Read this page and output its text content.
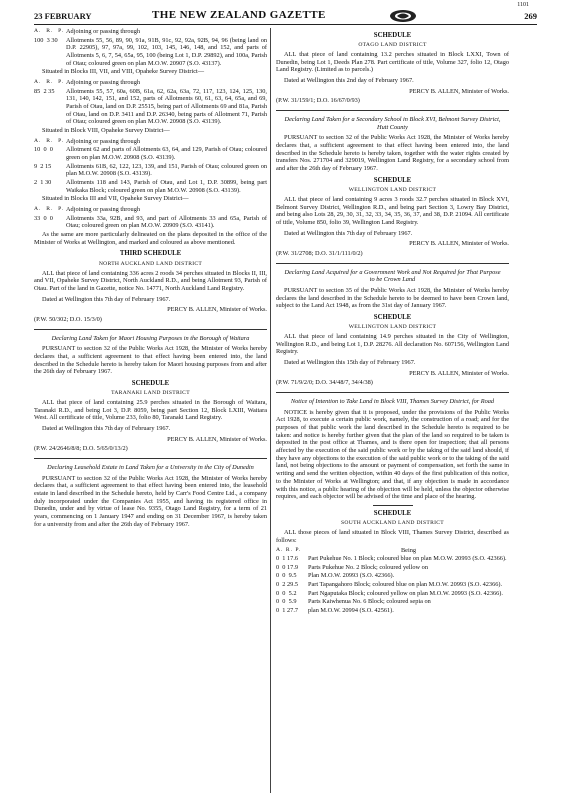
23 FEBRUARY	THE NEW ZEALAND GAZETTE
1101
269
A.  R.  P. Adjoining or passing through
100  3 30	Allotments 55, 56, 89, 90, 91a, 91B, 91c, 92, 92a, 92B, 94, 96 (being land on D.P. 22905), 97, 97a, 99, 102, 103, 145, 146, 148, and 152, and parts of Allotments 5, 6, 7, 54, 65a, 95, 100 (being Lot 1, D.P. 29892), and 100a, Parish of Otau; coloured green on plan M.O.W. 20907 (S.O. 43137).

Situated in Blocks III, VII, and VIII, Opaheke Survey District—

A.  R.  P. Adjoining or passing through
85  2 35	Allotments 55, 57, 60a, 60B, 61a, 62, 62a, 63a, 72, 117, 123, 124, 125, 130, 131, 140, 142, 151, and 152, parts of Allotments 60, 61, 63, 64, 65a, and 69, Parish of Otau, land on D.P. 25515, being part of Allotments 69 and 81a, Parish of Otau, land on D.P. 3411 and D.P. 26340, being parts of Allotment 71, Parish of Otau; coloured green on plan M.O.W. 20908 (S.O. 43139).

Situated in Block VIII, Opaheke Survey District—

A.  R.  P. Adjoining or passing through
10  0  0	Allotment 62 and parts of Allotments 63, 64, and 129, Parish of Otau; coloured green on plan M.O.W. 20908 (S.O. 43139).
9  2 15	Allotments 61B, 62, 122, 123, 139, and 151, Parish of Otau; coloured green on plan M.O.W. 20908 (S.O. 43139).
2  1 30	Allotments 118 and 143, Parish of Otau, and Lot 1, D.P. 30899, being part Waikaka Block; coloured green on plan M.O.W. 20908 (S.O. 43139).

Situated in Blocks III and VII, Opaheke Survey District—

A.  R.  P. Adjoining or passing through
33  0  0	Allotments 33a, 92B, and 93, and part of Allotments 33 and 65a, Parish of Otau; coloured green on plan M.O.W. 20909 (S.O. 43141).

As the same are more particularly delineated on the plans deposited in the office of the Minister of Works at Wellington, and marked and coloured as above mentioned.

THIRD SCHEDULE
NORTH AUCKLAND LAND DISTRICT

ALL that piece of land containing 336 acres 2 roods 34 perches situated in Blocks II, III, and VII, Opaheke Survey District, North Auckland R.D., and being Allotment 93, Parish of Otau. Part of the land in Gazette, notice No. 14771, North Auckland Land Registry.

Dated at Wellington this 7th day of February 1967.

PERCY B. ALLEN, Minister of Works.
(P.W. 50/302; D.O. 15/3/0)
Declaring Land Taken for Maori Housing Purposes in the Borough of Waitara

PURSUANT to section 32 of the Public Works Act 1928, the Minister of Works hereby declares that, a sufficient agreement to that effect having been entered into, the land described in the Schedule hereto is hereby taken for Maori housing purposes from and after the 26th day of February 1967.

SCHEDULE
TARANAKI LAND DISTRICT

ALL that piece of land containing 25.9 perches situated in the Borough of Waitara, Taranaki R.D., and being Lot 3, D.P. 8059, being part Section 12, Block LXIII, Waitara West. All certificate of title, Volume 233, folio 80, Taranaki Land Registry.

Dated at Wellington this 7th day of February 1967.

PERCY B. ALLEN, Minister of Works.
(P.W. 24/2646/8/8; D.O. 5/65/0/13/2)
Declaring Leasehold Estate in Land Taken for a University in the City of Dunedin

PURSUANT to section 32 of the Public Works Act 1928, the Minister of Works hereby declares that, a sufficient agreement to that effect having been entered into, the leasehold estate in land described in the Schedule hereto, held by Carr's Food Centre Ltd., a company duly incorporated under the Companies Act 1955, and having its registered office in Dunedin, under and by virtue of lease No. 9355, Otago Land Registry, for a term of 21 years, commencing on 1 January 1947 and ending on 31 December 1967, is hereby taken for a university from and after the 26th day of February 1967.

SCHEDULE
OTAGO LAND DISTRICT

ALL that piece of land containing 13.2 perches situated in Block LXXI, Town of Dunedin, being Lot 1, Deeds Plan 278. Part certificate of title, Volume 327, folio 12, Otago Land Registry. (Limited as to parcels.)

Dated at Wellington this 2nd day of February 1967.

PERCY B. ALLEN, Minister of Works.
(P.W. 31/159/1; D.O. 16/67/0/93)
Declaring Land Taken for a Secondary School in Block XVI, Belmont Survey District, Hutt County

PURSUANT to section 32 of the Public Works Act 1928, the Minister of Works hereby declares that, a sufficient agreement to that effect having been entered into, the land described in the Schedule hereto is hereby taken, together with the water rights created by transfers Nos. 271704 and 329019, Wellington Land Registry, for a secondary school from and after the 26th day of February 1967.

SCHEDULE
WELLINGTON LAND DISTRICT

ALL that piece of land containing 9 acres 3 roods 32.7 perches situated in Block XVI, Belmont Survey District, Wellington R.D., and being part Section 3, Lowry Bay District, and being also Lots 28, 29, 30, 31, 32, 33, 34, 35, 36, 37, and 38, D.P. 21094. All certificate of title, Volume 850, folio 39, Wellington Land Registry.

Dated at Wellington this 7th day of February 1967.

PERCY B. ALLEN, Minister of Works.
(P.W. 31/2708; D.O. 31/1/111/0/2)
Declaring Land Acquired for a Government Work and Not Required for That Purpose to be Crown Land

PURSUANT to section 35 of the Public Works Act 1928, the Minister of Works hereby declares the land described in the Schedule hereto to be deemed to have been Crown land, subject to the Land Act 1948, as from the 31st day of January 1967.

SCHEDULE
WELLINGTON LAND DISTRICT

ALL that piece of land containing 14.9 perches situated in the City of Wellington, Wellington R.D., and being Lot 1, D.P. 28276. All declaration No. 607156, Wellington Land Registry.

Dated at Wellington this 15th day of February 1967.

PERCY B. ALLEN, Minister of Works.
(P.W. 71/9/2/0; D.O. 34/48/7, 34/4/38)
Notice of Intention to Take Land in Block VIII, Thames Survey District, for Road

NOTICE is hereby given that it is proposed, under the provisions of the Public Works Act 1928, to execute a certain public work, namely, the construction of a road; and for the purposes of that public work the land described in the Schedule hereto is required to be taken: and notice is hereby further given that the plan of the land so required to be taken is deposited in the post office at Thames, and is there open for inspection; that all persons affected by the execution of the said public work or by the taking of the said land should, if they have any objections to the execution of the said public work or to the taking of the said land, not being objections to the amount or payment of compensation, set forth the same in writing and send the written objection, within 40 days of the first publication of this notice, to the Minister of Works at Wellington; and that, if any objection is made in accordance with this notice, a public hearing of the objection will be held, unless the objector otherwise requires, and each objector will be advised of the time and place of the hearing.

SCHEDULE
SOUTH AUCKLAND LAND DISTRICT

ALL those pieces of land situated in Block VIII, Thames Survey District, described as follows:

A. R. P.	Being
0  1 17.6	Part Pukehue No. 1 Block; coloured blue on plan M.O.W. 20993 (S.O. 42366).
0  0 17.9	Parts Pukehue No. 2 Block; coloured yellow on
0  0  9.5	Plan M.O.W. 20993 (S.O. 42366).
0  2 29.5	Part Tapangahoro Block; coloured blue on plan M.O.W. 20993 (S.O. 42366).
0  0  5.2	Part Ngaputaka Block; coloured yellow on plan M.O.W. 20993 (S.O. 42366).
0  0  5.9	Parts Kaiwhenua No. 6 Block; coloured sepia on
0  1 27.7	plan M.O.W. 20994 (S.O. 42561).
